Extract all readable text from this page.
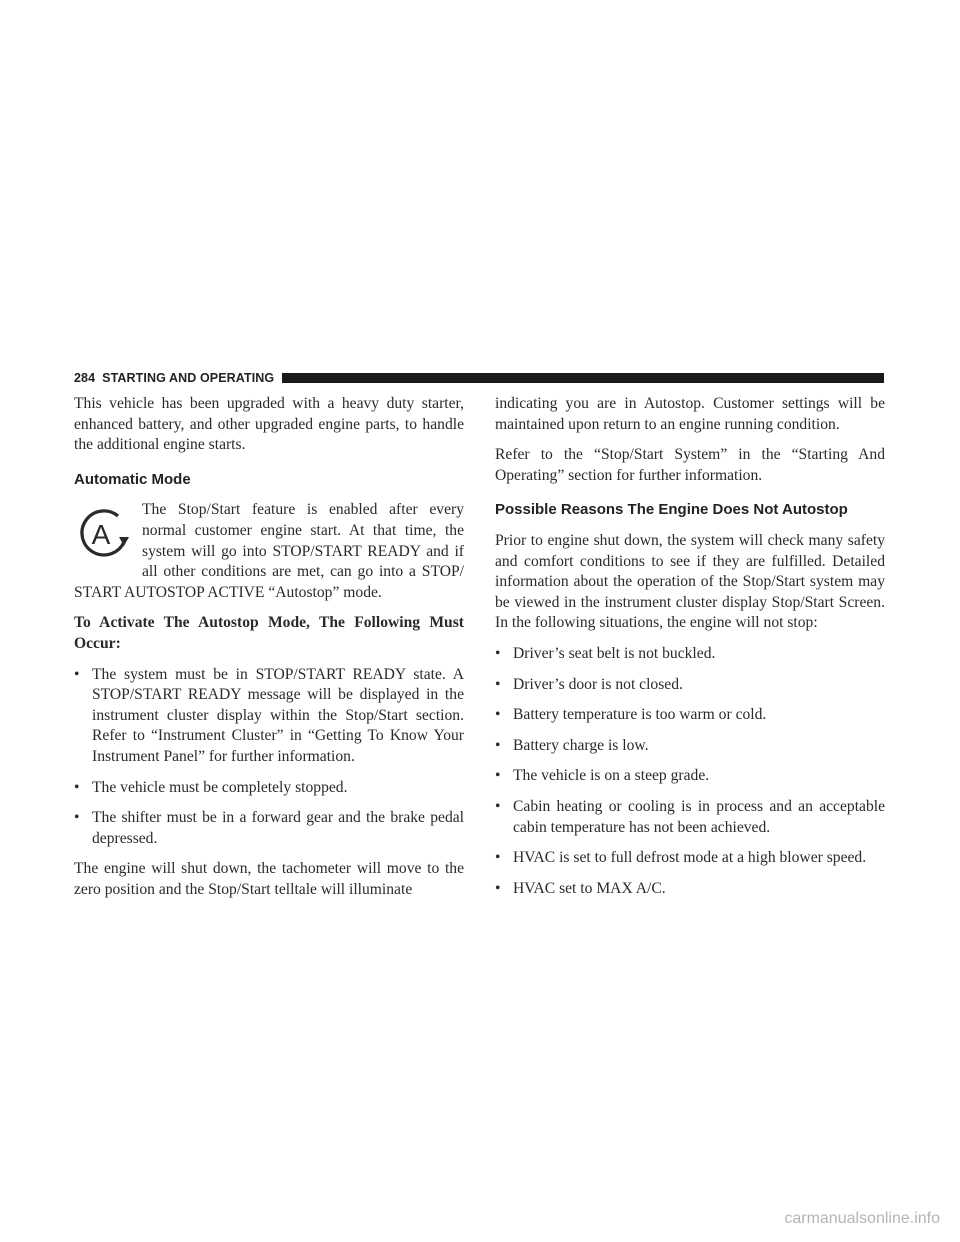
284 STARTING AND OPERATING

This vehicle has been upgraded with a heavy duty starter, enhanced battery, and other upgraded engine parts, to handle the additional engine starts.

Automatic Mode
A

The Stop/Start feature is enabled after every normal customer engine start. At that time, the system will go into STOP/START READY and if all other conditions are met, can go into a STOP/ START AUTOSTOP ACTIVE “Autostop” mode.

To Activate The Autostop Mode, The Following Must Occur:

• The system must be in STOP/START READY state. A STOP/START READY message will be displayed in the instrument cluster display within the Stop/Start section. Refer to “Instrument Cluster” in “Getting To Know Your Instrument Panel” for further information.
• The vehicle must be completely stopped.
• The shifter must be in a forward gear and the brake pedal depressed.

The engine will shut down, the tachometer will move to the zero position and the Stop/Start telltale will illuminate

indicating you are in Autostop. Customer settings will be maintained upon return to an engine running condition.

Refer to the “Stop/Start System” in the “Starting And Operating” section for further information.

Possible Reasons The Engine Does Not Autostop

Prior to engine shut down, the system will check many safety and comfort conditions to see if they are fulfilled. Detailed information about the operation of the Stop/Start system may be viewed in the instrument cluster display Stop/Start Screen. In the following situations, the engine will not stop:

• Driver’s seat belt is not buckled.
• Driver’s door is not closed.
• Battery temperature is too warm or cold.
• Battery charge is low.
• The vehicle is on a steep grade.
• Cabin heating or cooling is in process and an acceptable cabin temperature has not been achieved.
• HVAC is set to full defrost mode at a high blower speed.
• HVAC set to MAX A/C.
carmanualsonline.info
